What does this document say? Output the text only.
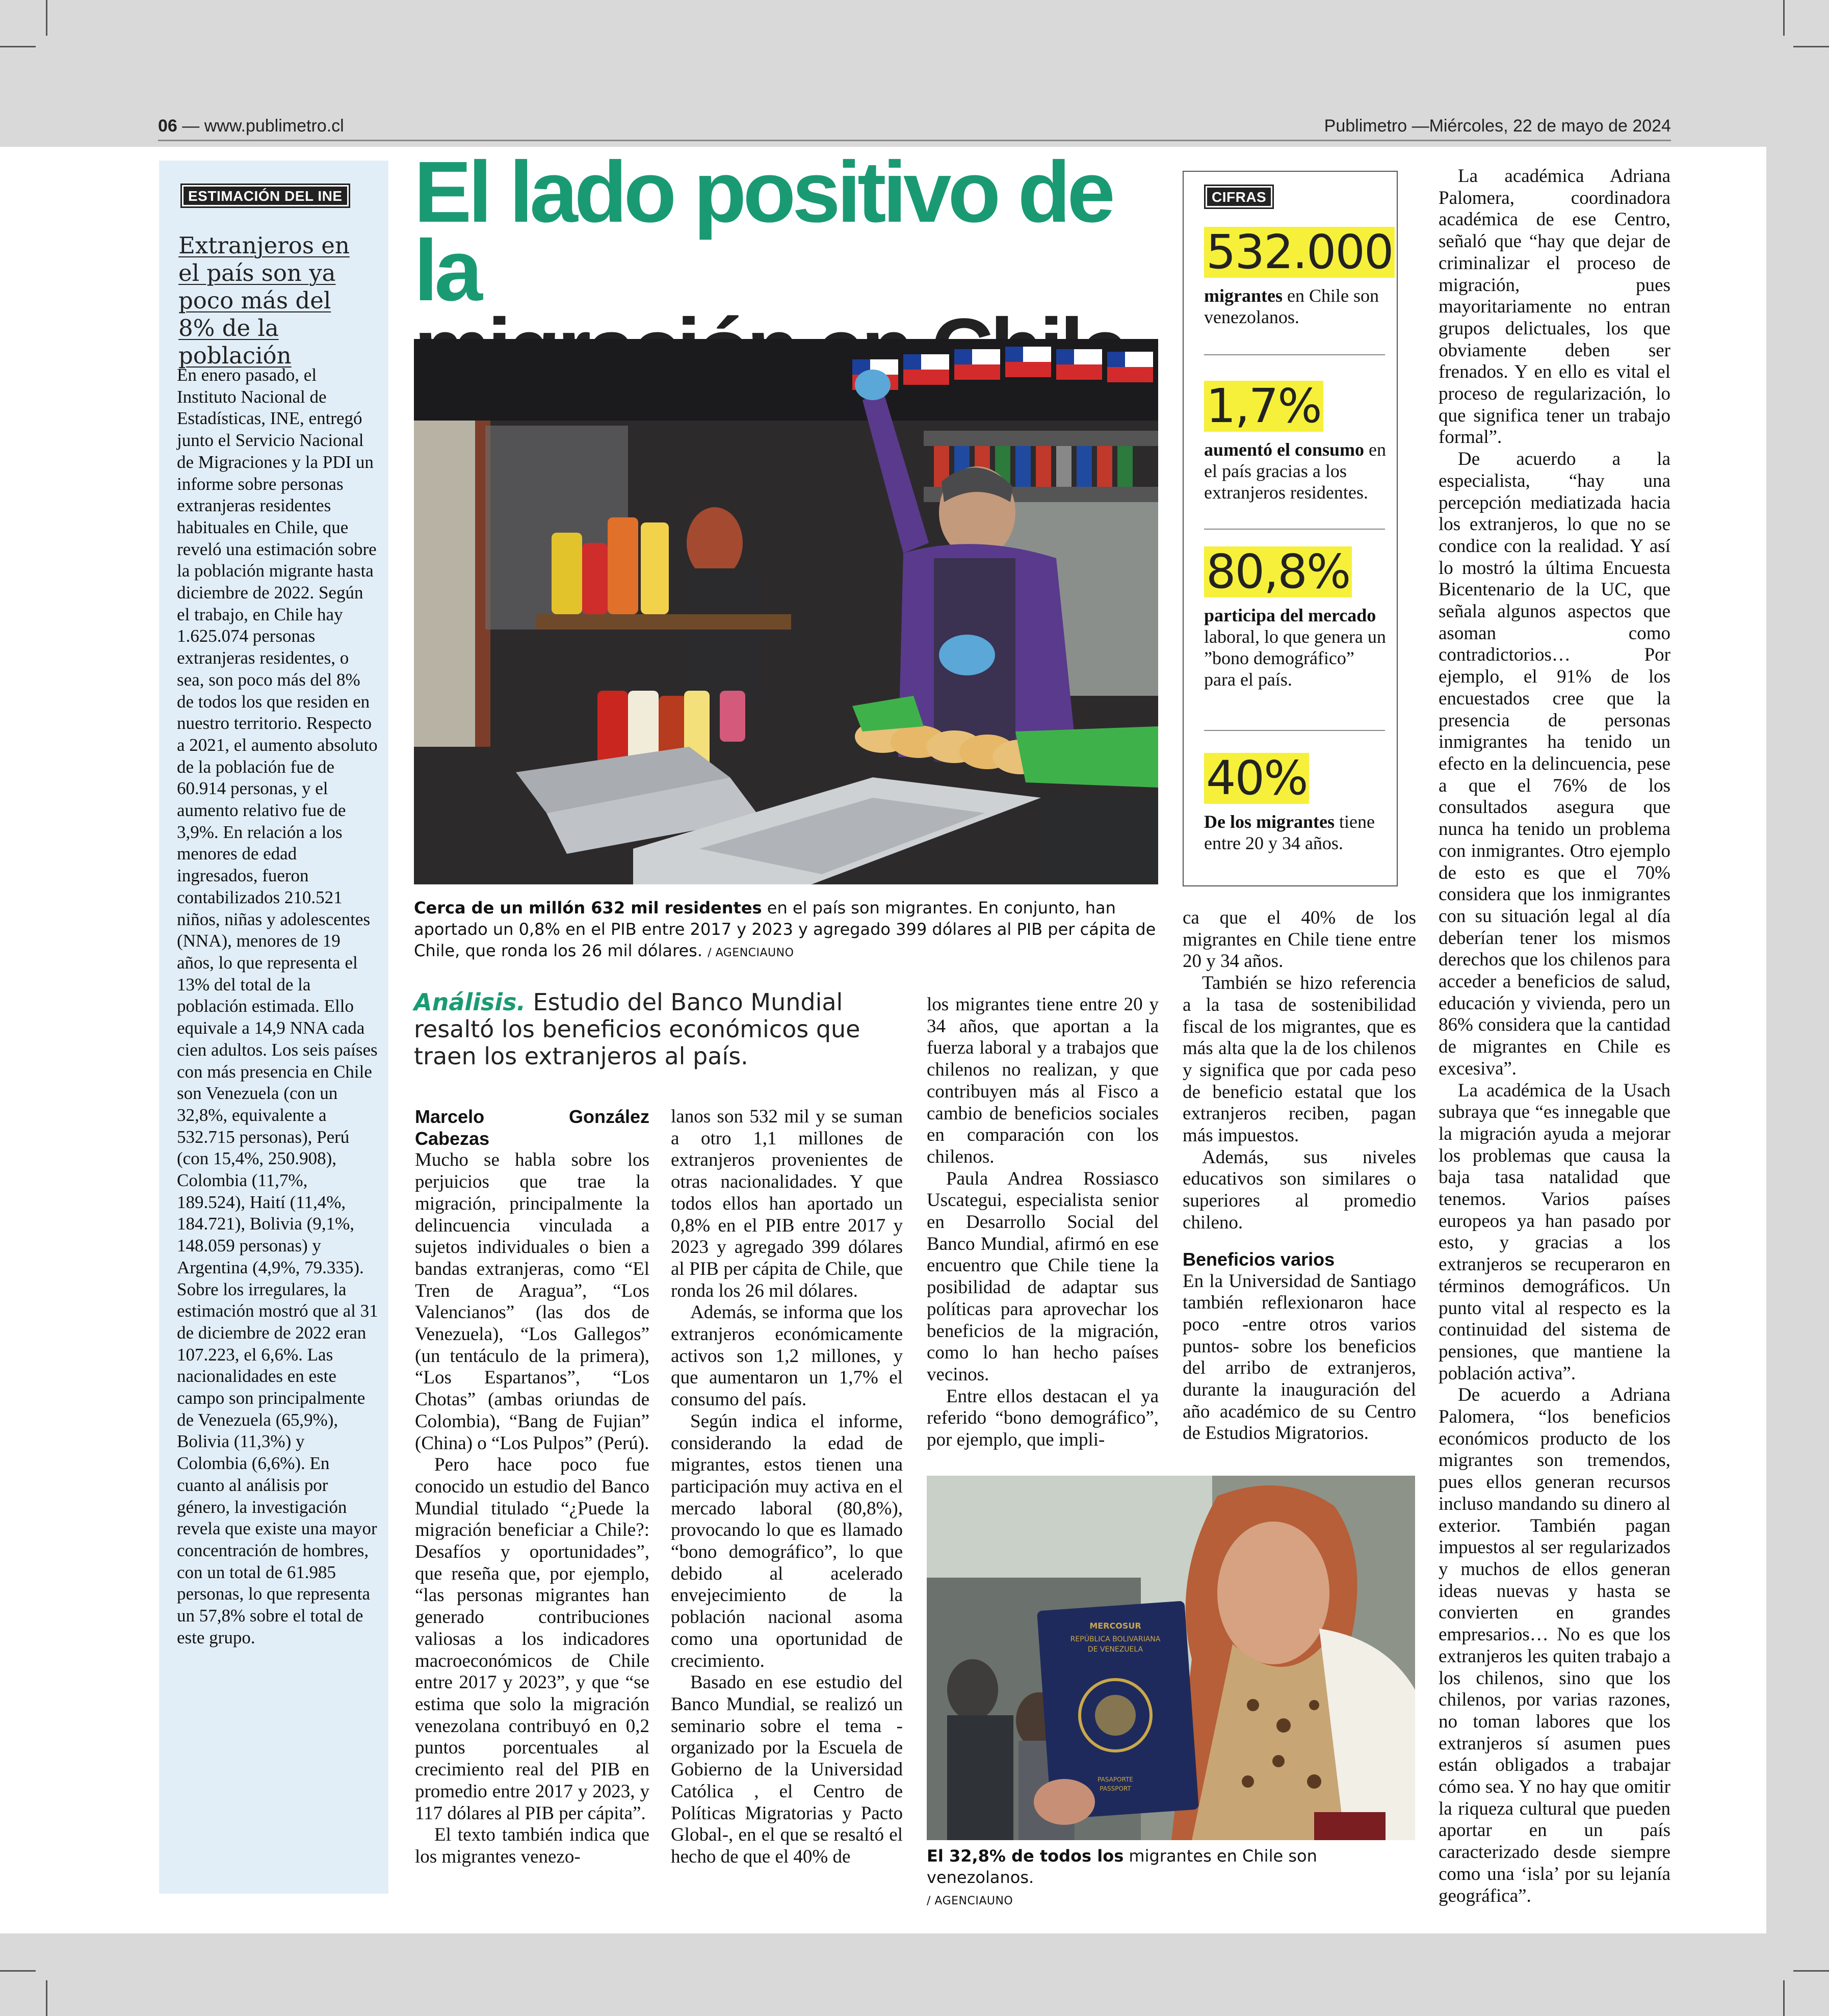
06 — www.publimetro.cl	Publimetro —Miércoles, 22 de mayo de 2024
ESTIMACIÓN DEL INE
Extranjeros en el país son ya poco más del 8% de la población

En enero pasado, el Instituto Nacional de Estadísticas, INE, entregó junto el Servicio Nacional de Migraciones y la PDI un informe sobre personas extranjeras residentes habituales en Chile, que reveló una estimación sobre la población migrante hasta diciembre de 2022. Según el trabajo, en Chile hay 1.625.074 personas extranjeras residentes, o sea, son poco más del 8% de todos los que residen en nuestro territorio. Respecto a 2021, el aumento absoluto de la población fue de 60.914 personas, y el aumento relativo fue de 3,9%. En relación a los menores de edad ingresados, fueron contabilizados 210.521 niños, niñas y adolescentes (NNA), menores de 19 años, lo que representa el 13% del total de la población estimada. Ello equivale a 14,9 NNA cada cien adultos. Los seis países con más presencia en Chile son Venezuela (con un 32,8%, equivalente a 532.715 personas), Perú (con 15,4%, 250.908), Colombia (11,7%, 189.524), Haití (11,4%, 184.721), Bolivia (9,1%, 148.059 personas) y Argentina (4,9%, 79.335). Sobre los irregulares, la estimación mostró que al 31 de diciembre de 2022 eran 107.223, el 6,6%. Las nacionalidades en este campo son principalmente de Venezuela (65,9%), Bolivia (11,3%) y Colombia (6,6%). En cuanto al análisis por género, la investigación revela que existe una mayor concentración de hombres, con un total de 61.985 personas, lo que representa un 57,8% sobre el total de este grupo.

El lado positivo de la
Cerca de un millón 632 mil residentes en el país son migrantes. En conjunto, han aportado un 0,8% en el PIB entre 2017 y 2023 y agregado 399 dólares al PIB per cápita de Chile, que ronda los 26 mil dólares. / AGENCIAUNO
Análisis. Estudio del Banco Mundial resaltó los beneficios económicos que traen los extranjeros al país.

Marcelo González Cabezas

Mucho se habla sobre los perjuicios que trae la migración, principalmente la delincuencia vinculada a sujetos individuales o bien a bandas extranjeras, como “El Tren de Aragua”, “Los Valencianos” (las dos de Venezuela), “Los Gallegos” (un tentáculo de la primera), “Los Espartanos”, “Los Chotas” (ambas oriundas de Colombia), “Bang de Fujian” (China) o “Los Pulpos” (Perú).

Pero hace poco fue conocido un estudio del Banco Mundial titulado “¿Puede la migración beneficiar a Chile?: Desafíos y oportunidades”, que reseña que, por ejemplo, “las personas migrantes han generado contribuciones valiosas a los indicadores macroeconómicos de Chile entre 2017 y 2023”, y que “se estima que solo la migración venezolana contribuyó en 0,2 puntos porcentuales al crecimiento real del PIB en promedio entre 2017 y 2023, y 117 dólares al PIB per cápita”.

El texto también indica que los migrantes venezo-

lanos son 532 mil y se suman a otro 1,1 millones de extranjeros provenientes de otras nacionalidades. Y que todos ellos han aportado un 0,8% en el PIB entre 2017 y 2023 y agregado 399 dólares al PIB per cápita de Chile, que ronda los 26 mil dólares.

Además, se informa que los extranjeros económicamente activos son 1,2 millones, y que aumentaron un 1,7% el consumo del país.

Según indica el informe, considerando la edad de migrantes, estos tienen una participación muy activa en el mercado laboral (80,8%), provocando lo que es llamado “bono demográfico”, lo que debido al acelerado envejecimiento de la población nacional asoma como una oportunidad de crecimiento.

Basado en ese estudio del Banco Mundial, se realizó un seminario sobre el tema -organizado por la Escuela de Gobierno de la Universidad Católica , el Centro de Políticas Migratorias y Pacto Global-, en el que se resaltó el hecho de que el 40% de

los migrantes tiene entre 20 y 34 años, que aportan a la fuerza laboral y a trabajos que chilenos no realizan, y que contribuyen más al Fisco a cambio de beneficios sociales en comparación con los chilenos.

Paula Andrea Rossiasco Uscategui, especialista senior en Desarrollo Social del Banco Mundial, afirmó en ese encuentro que Chile tiene la posibilidad de adaptar sus políticas para aprovechar los beneficios de la migración, como lo han hecho países vecinos.

Entre ellos destacan el ya referido “bono demográfico”, por ejemplo, que impli-

ca que el 40% de los migrantes en Chile tiene entre 20 y 34 años.

También se hizo referencia a la tasa de sostenibilidad fiscal de los migrantes, que es más alta que la de los chilenos y significa que por cada peso de beneficio estatal que los extranjeros reciben, pagan más impuestos.

Además, sus niveles educativos son similares o superiores al promedio chileno.

Beneficios varios

En la Universidad de Santiago también reflexionaron hace poco -entre otros varios puntos- sobre los beneficios del arribo de extranjeros, durante la inauguración del año académico de su Centro de Estudios Migratorios.

La académica Adriana Palomera, coordinadora académica de ese Centro, señaló que “hay que dejar de criminalizar el proceso de migración, pues mayoritariamente no entran grupos delictuales, los que obviamente deben ser frenados. Y en ello es vital el proceso de regularización, lo que significa tener un trabajo formal”.

De acuerdo a la especialista, “hay una percepción mediatizada hacia los extranjeros, lo que no se condice con la realidad. Y así lo mostró la última Encuesta Bicentenario de la UC, que señala algunos aspectos que asoman como contradictorios… Por ejemplo, el 91% de los encuestados cree que la presencia de personas inmigrantes ha tenido un efecto en la delincuencia, pese a que el 76% de los consultados asegura que nunca ha tenido un problema con inmigrantes. Otro ejemplo de esto es que el 70% considera que los inmigrantes con su situación legal al día deberían tener los mismos derechos que los chilenos para acceder a beneficios de salud, educación y vivienda, pero un 86% considera que la cantidad de migrantes en Chile es excesiva”.

La académica de la Usach subraya que “es innegable que la migración ayuda a mejorar los problemas que causa la baja tasa natalidad que tenemos. Varios países europeos ya han pasado por esto, y gracias a los extranjeros se recuperaron en términos demográficos. Un punto vital al respecto es la continuidad del sistema de pensiones, que mantiene la población activa”.

De acuerdo a Adriana Palomera, “los beneficios económicos producto de los migrantes son tremendos, pues ellos generan recursos incluso mandando su dinero al exterior. También pagan impuestos al ser regularizados y muchos de ellos generan ideas nuevas y hasta se convierten en grandes empresarios… No es que los extranjeros les quiten trabajo a los chilenos, sino que los chilenos, por varias razones, no toman labores que los extranjeros sí asumen pues están obligados a trabajar cómo sea. Y no hay que omitir la riqueza cultural que pueden aportar en un país caracterizado desde siempre como una ‘isla’ por su lejanía geográfica”.

MERCOSUR
REPÚBLICA BOLIVARIANA
DE VENEZUELA
PASAPORTE
PASSPORT
El 32,8% de todos los migrantes en Chile son venezolanos.
/ AGENCIAUNO
CIFRAS
532.000
migrantes en Chile son venezolanos.
1,7%
aumentó el consumo en el país gracias a los extranjeros residentes.
80,8%
participa del mercado laboral, lo que genera un ”bono demográfico” para el país.
40%
De los migrantes tiene entre 20 y 34 años.
